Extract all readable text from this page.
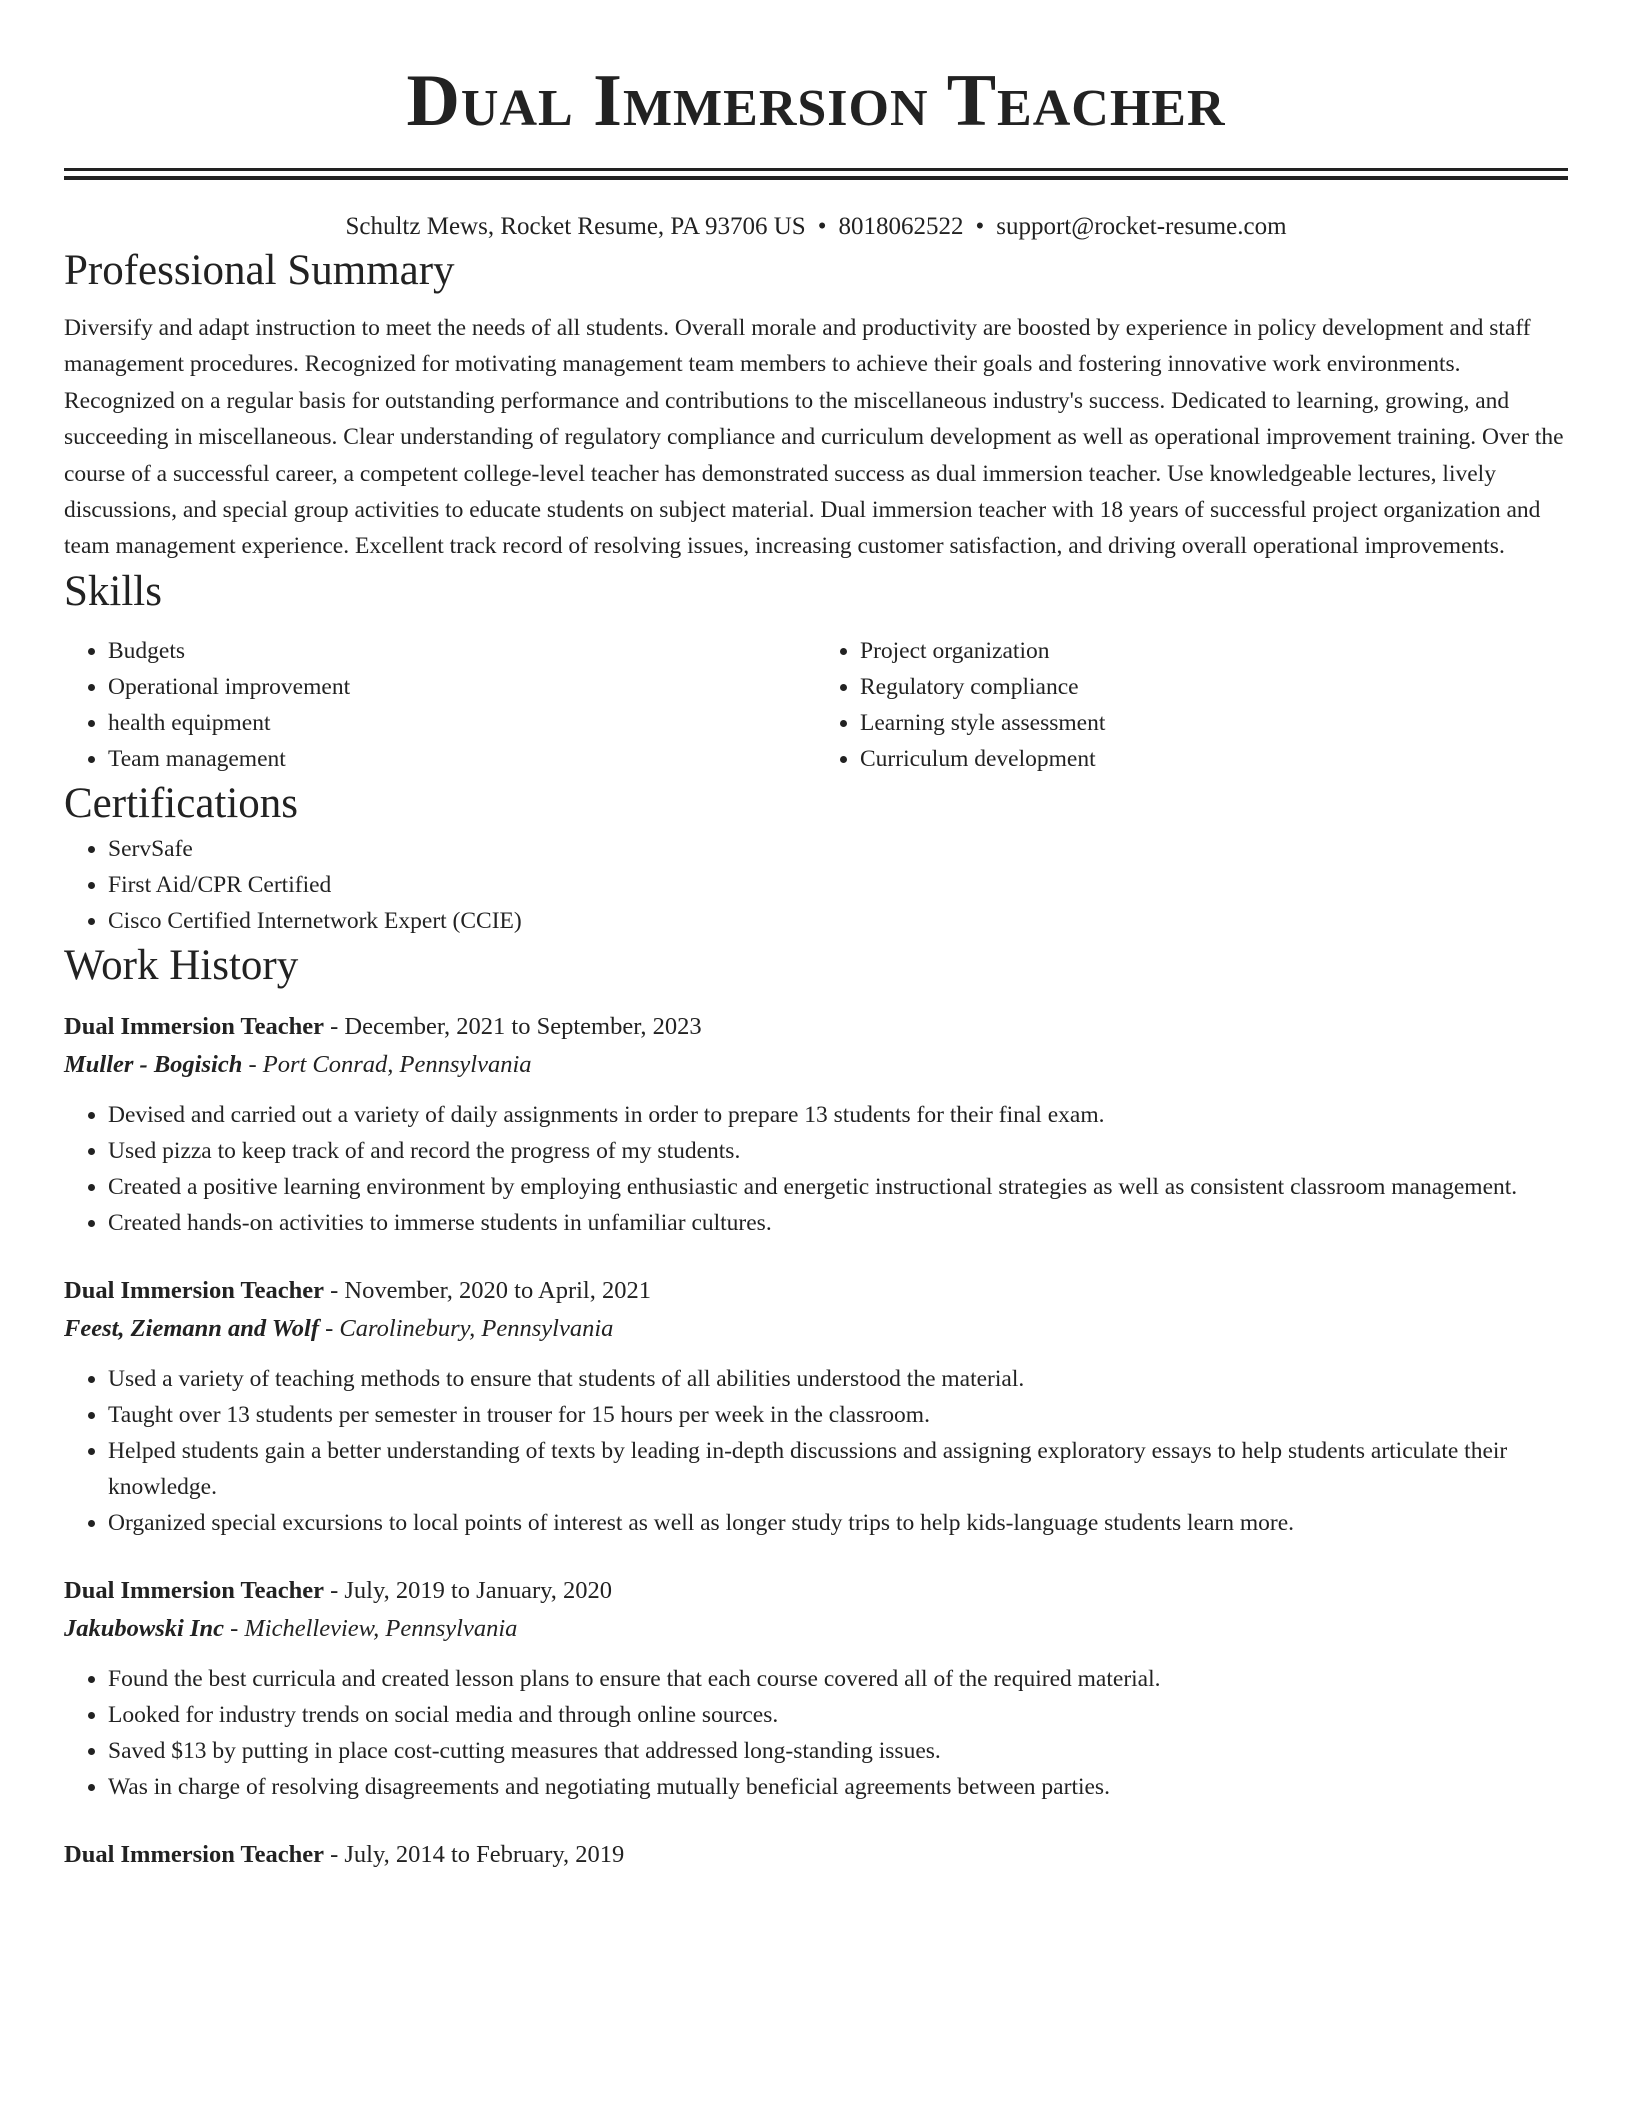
Dual Immersion Teacher
Schultz Mews, Rocket Resume, PA 93706 US • 8018062522 • support@rocket-resume.com
Professional Summary
Diversify and adapt instruction to meet the needs of all students. Overall morale and productivity are boosted by experience in policy development and staff management procedures. Recognized for motivating management team members to achieve their goals and fostering innovative work environments. Recognized on a regular basis for outstanding performance and contributions to the miscellaneous industry's success. Dedicated to learning, growing, and succeeding in miscellaneous. Clear understanding of regulatory compliance and curriculum development as well as operational improvement training. Over the course of a successful career, a competent college-level teacher has demonstrated success as dual immersion teacher. Use knowledgeable lectures, lively discussions, and special group activities to educate students on subject material. Dual immersion teacher with 18 years of successful project organization and team management experience. Excellent track record of resolving issues, increasing customer satisfaction, and driving overall operational improvements.
Skills
• Budgets
• Operational improvement
• health equipment
• Team management
• Project organization
• Regulatory compliance
• Learning style assessment
• Curriculum development
Certifications
• ServSafe
• First Aid/CPR Certified
• Cisco Certified Internetwork Expert (CCIE)
Work History
Dual Immersion Teacher - December, 2021 to September, 2023
Muller - Bogisich - Port Conrad, Pennsylvania
• Devised and carried out a variety of daily assignments in order to prepare 13 students for their final exam.
• Used pizza to keep track of and record the progress of my students.
• Created a positive learning environment by employing enthusiastic and energetic instructional strategies as well as consistent classroom management.
• Created hands-on activities to immerse students in unfamiliar cultures.
Dual Immersion Teacher - November, 2020 to April, 2021
Feest, Ziemann and Wolf - Carolinebury, Pennsylvania
• Used a variety of teaching methods to ensure that students of all abilities understood the material.
• Taught over 13 students per semester in trouser for 15 hours per week in the classroom.
• Helped students gain a better understanding of texts by leading in-depth discussions and assigning exploratory essays to help students articulate their knowledge.
• Organized special excursions to local points of interest as well as longer study trips to help kids-language students learn more.
Dual Immersion Teacher - July, 2019 to January, 2020
Jakubowski Inc - Michelleview, Pennsylvania
• Found the best curricula and created lesson plans to ensure that each course covered all of the required material.
• Looked for industry trends on social media and through online sources.
• Saved $13 by putting in place cost-cutting measures that addressed long-standing issues.
• Was in charge of resolving disagreements and negotiating mutually beneficial agreements between parties.
Dual Immersion Teacher - July, 2014 to February, 2019
